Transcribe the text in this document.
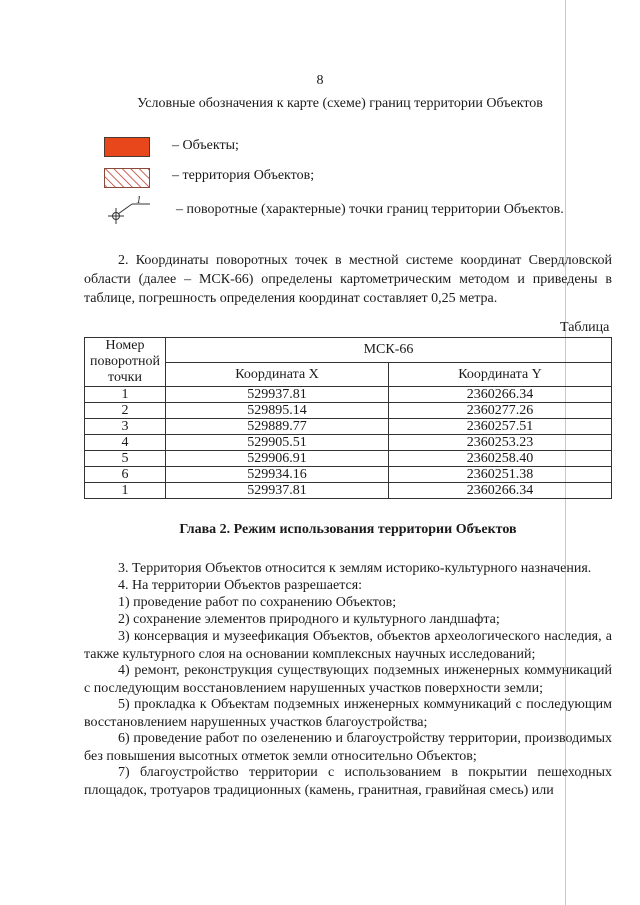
8
Условные обозначения к карте (схеме) границ территории Объектов
– Объекты;
– территория Объектов;
1
– поворотные (характерные) точки границ территории Объектов.
2. Координаты поворотных точек в местной системе координат Свердловской области (далее – МСК-66) определены картометрическим методом и приведены в таблице, погрешность определения координат составляет 0,25 метра.
Таблица
Номер поворотной точки	МСК-66	
	Координата X	Координата Y
1	529937.81	2360266.34
2	529895.14	2360277.26
3	529889.77	2360257.51
4	529905.51	2360253.23
5	529906.91	2360258.40
6	529934.16	2360251.38
1	529937.81	2360266.34
Глава 2. Режим использования территории Объектов
3. Территория Объектов относится к землям историко-культурного назначения.
4. На территории Объектов разрешается:
1) проведение работ по сохранению Объектов;
2) сохранение элементов природного и культурного ландшафта;
3) консервация и музеефикация Объектов, объектов археологического наследия, а также культурного слоя на основании комплексных научных исследований;
4) ремонт, реконструкция существующих подземных инженерных коммуникаций с последующим восстановлением нарушенных участков поверхности земли;
5) прокладка к Объектам подземных инженерных коммуникаций с последующим восстановлением нарушенных участков благоустройства;
6) проведение работ по озеленению и благоустройству территории, производимых без повышения высотных отметок земли относительно Объектов;
7) благоустройство территории с использованием в покрытии пешеходных площадок, тротуаров традиционных (камень, гранитная, гравийная смесь) или
